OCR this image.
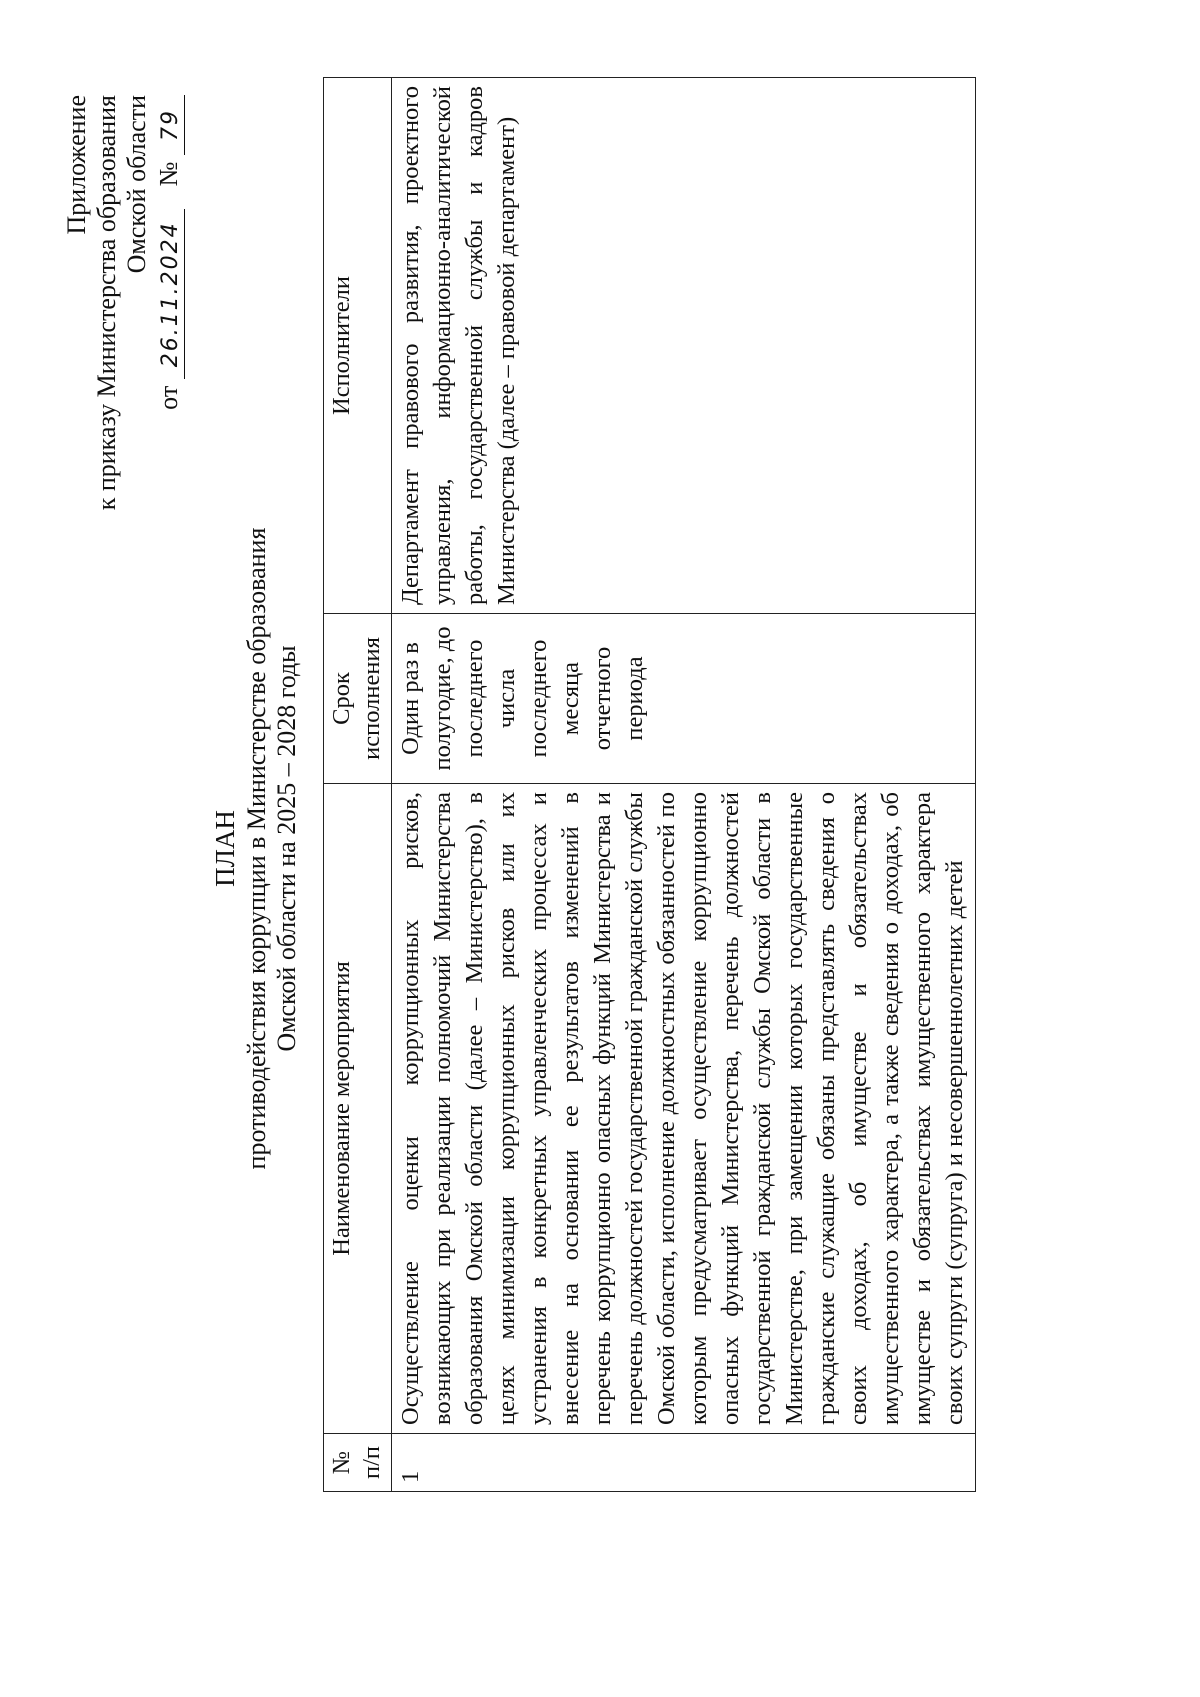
Приложение к приказу Министерства образования Омской области
от 26.11.2024  № 79
ПЛАН противодействия коррупции в Министерстве образования Омской области на 2025 – 2028 годы
№ п/п	Наименование мероприятия	Срок исполнения	Исполнители
1	Осуществление оценки коррупционных рисков, возникающих при реализации полномочий Министерства образования Омской области (далее – Министерство), в целях минимизации коррупционных рисков или их устранения в конкретных управленческих процессах и внесение на основании ее результатов изменений в перечень коррупционно опасных функций Министерства и перечень должностей государственной гражданской службы Омской области, исполнение должностных обязанностей по которым предусматривает осуществление коррупционно опасных функций Министерства, перечень должностей государственной гражданской службы Омской области в Министерстве, при замещении которых государственные гражданские служащие обязаны представлять сведения о своих доходах, об имуществе и обязательствах имущественного характера, а также сведения о доходах, об имуществе и обязательствах имущественного характера своих супруги (супруга) и несовершеннолетних детей	Один раз в полугодие, до последнего числа последнего месяца отчетного периода	Департамент правового развития, проектного управления, информационно-аналитической работы, государственной службы и кадров Министерства (далее – правовой департамент)
